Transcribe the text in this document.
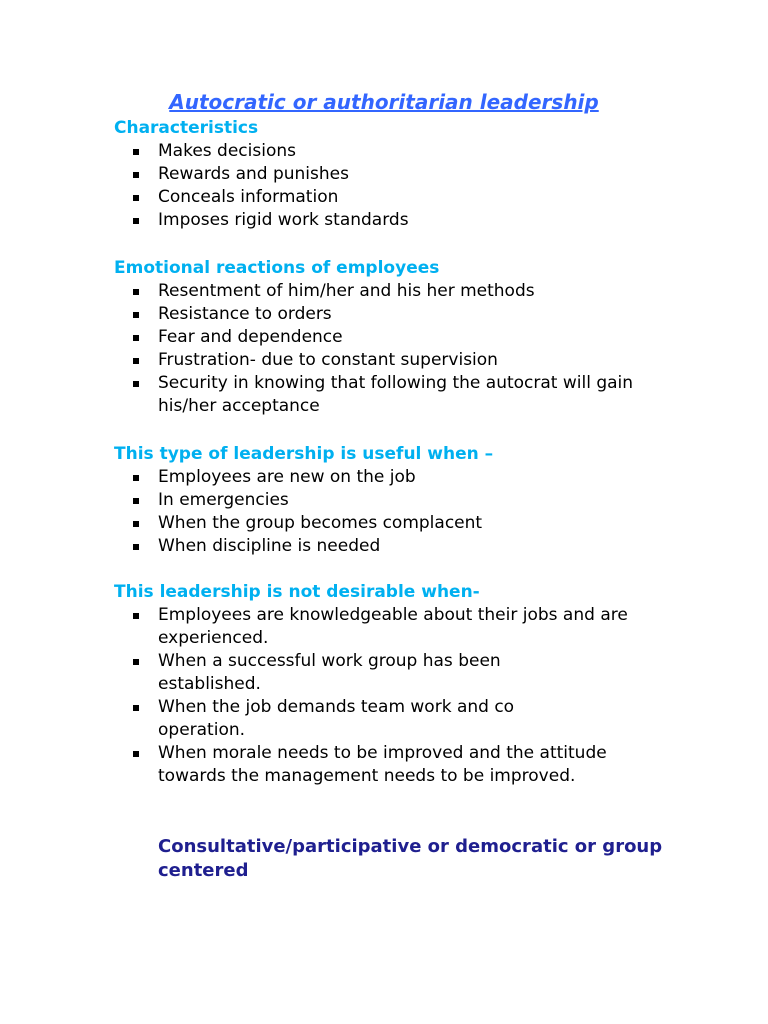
Autocratic or authoritarian leadership
Characteristics
Makes decisions
Rewards and punishes
Conceals information
Imposes rigid work standards
Emotional reactions of employees
Resentment of him/her and his her methods
Resistance to orders
Fear and dependence
Frustration- due to constant supervision
Security in knowing that following the autocrat will gain his/her acceptance
This type of leadership is useful when –
Employees are new on the job
In emergencies
When the group becomes complacent
When discipline is needed
This leadership is not desirable when-
Employees are knowledgeable about their jobs and are experienced.
When a successful work group has been established.
When the job demands team work and co operation.
When morale needs to be improved and the attitude towards the management needs to be improved.
Consultative/participative or democratic or group centered
